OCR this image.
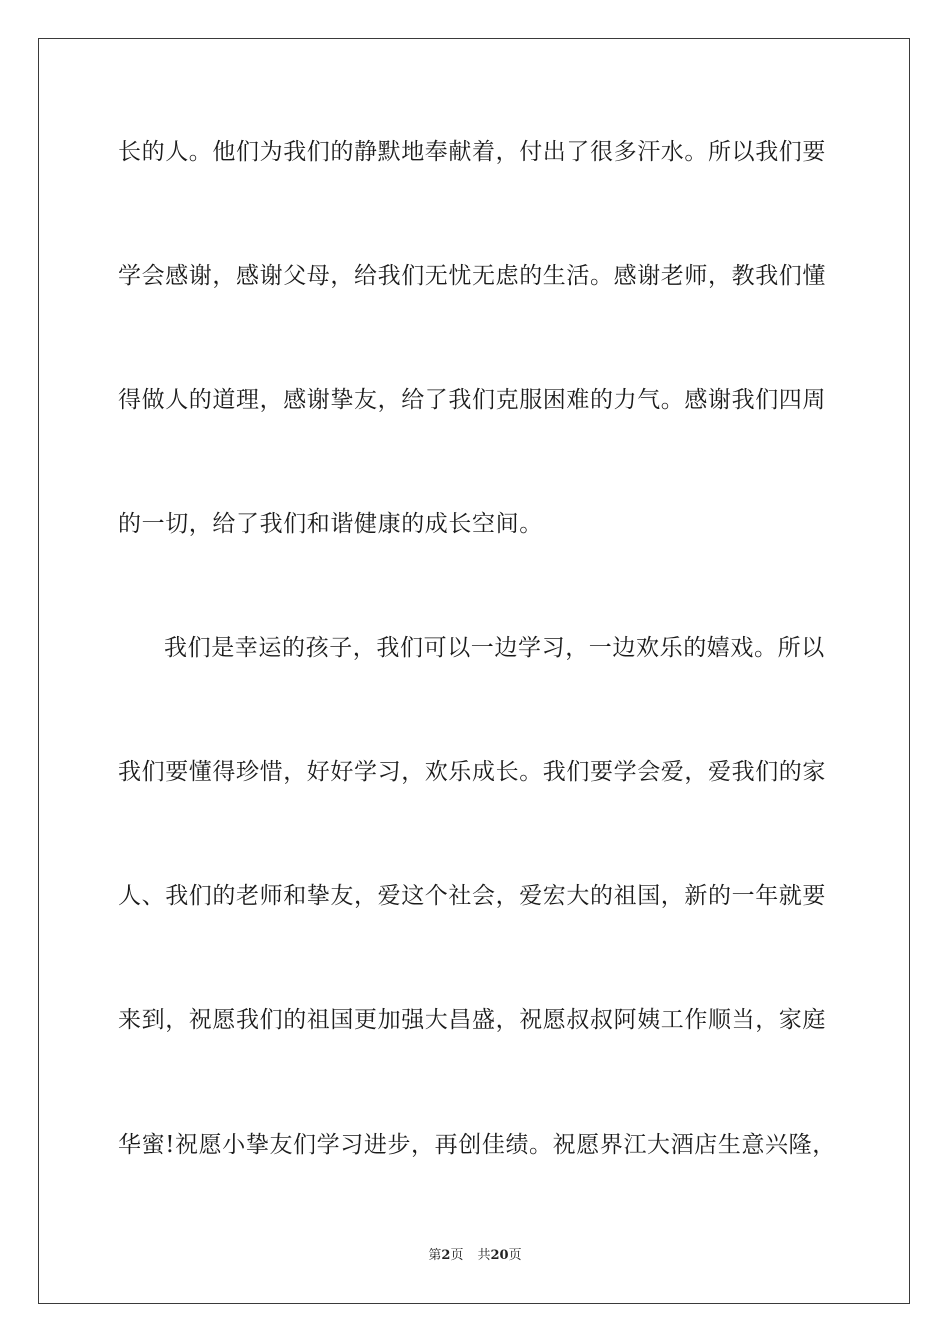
长的人。他们为我们的静默地奉献着，付出了很多汗水。所以我们要
学会感谢，感谢父母，给我们无忧无虑的生活。感谢老师，教我们懂
得做人的道理，感谢挚友，给了我们克服困难的力气。感谢我们四周
的一切，给了我们和谐健康的成长空间。
我们是幸运的孩子，我们可以一边学习，一边欢乐的嬉戏。所以
我们要懂得珍惜，好好学习，欢乐成长。我们要学会爱，爱我们的家
人、我们的老师和挚友，爱这个社会，爱宏大的祖国，新的一年就要
来到，祝愿我们的祖国更加强大昌盛，祝愿叔叔阿姨工作顺当，家庭
华蜜!祝愿小挚友们学习进步，再创佳绩。祝愿界江大酒店生意兴隆，
第2页 共20页
